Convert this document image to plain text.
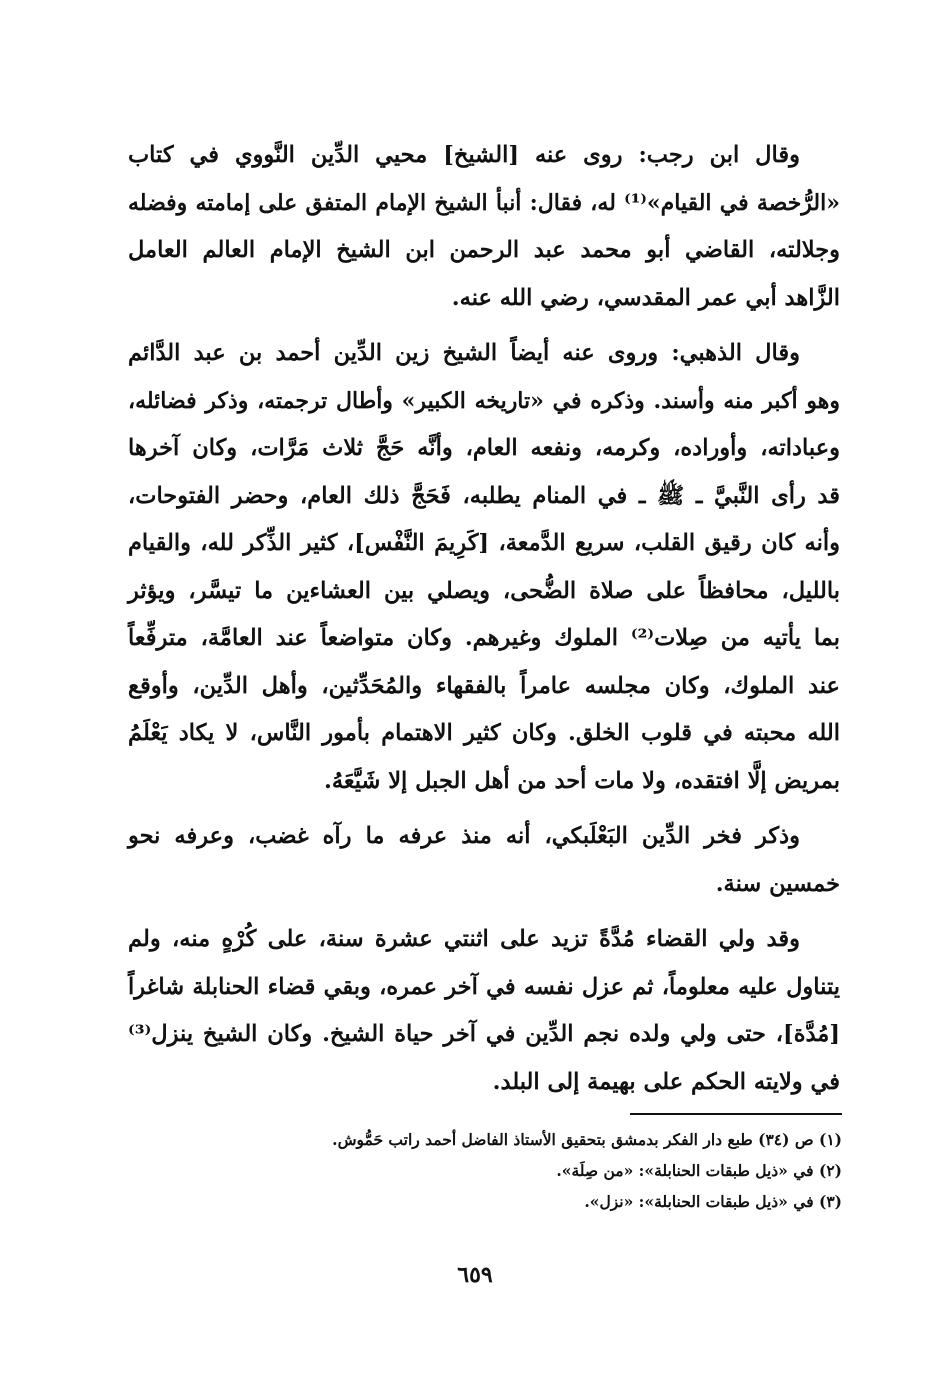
وقال ابن رجب: روى عنه [الشيخ] محيي الدِّين النَّووي في كتاب
«الرُّخصة في القيام»⁽¹⁾ له، فقال: أنبأ الشيخ الإمام المتفق على إمامته وفضله
وجلالته، القاضي أبو محمد عبد الرحمن ابن الشيخ الإمام العالم العامل
الزَّاهد أبي عمر المقدسي، رضي الله عنه.

وقال الذهبي: وروى عنه أيضاً الشيخ زين الدِّين أحمد بن عبد الدَّائم
وهو أكبر منه وأسند. وذكره في «تاريخه الكبير» وأطال ترجمته، وذكر فضائله،
وعباداته، وأوراده، وكرمه، ونفعه العام، وأنَّه حَجَّ ثلاث مَرَّات، وكان آخرها
قد رأى النَّبيَّ ـ ﷺ ـ في المنام يطلبه، فَحَجَّ ذلك العام، وحضر الفتوحات،
وأنه كان رقيق القلب، سريع الدَّمعة، [كَرِيمَ النَّفْس]، كثير الذِّكر لله، والقيام
بالليل، محافظاً على صلاة الضُّحى، ويصلي بين العشاءين ما تيسَّر، ويؤثر
بما يأتيه من صِلات⁽²⁾ الملوك وغيرهم. وكان متواضعاً عند العامَّة، مترفِّعاً
عند الملوك، وكان مجلسه عامراً بالفقهاء والمُحَدِّثين، وأهل الدِّين، وأوقع
الله محبته في قلوب الخلق. وكان كثير الاهتمام بأمور النَّاس، لا يكاد يَعْلَمُ
بمريض إلَّا افتقده، ولا مات أحد من أهل الجبل إلا شَيَّعَهُ.

وذكر فخر الدِّين البَعْلَبكي، أنه منذ عرفه ما رآه غضب، وعرفه نحو
خمسين سنة.

وقد ولي القضاء مُدَّةً تزيد على اثنتي عشرة سنة، على كُرْهٍ منه، ولم
يتناول عليه معلوماً، ثم عزل نفسه في آخر عمره، وبقي قضاء الحنابلة شاغراً
[مُدَّة]، حتى ولي ولده نجم الدِّين في آخر حياة الشيخ. وكان الشيخ ينزل⁽³⁾
في ولايته الحكم على بهيمة إلى البلد.

(١) ص (٣٤) طبع دار الفكر بدمشق بتحقيق الأستاذ الفاضل أحمد راتب حَمُّوش.

(٢) في «ذيل طبقات الحنابلة»: «من صِلَة».

(٣) في «ذيل طبقات الحنابلة»: «نزل».

٦٥٩
